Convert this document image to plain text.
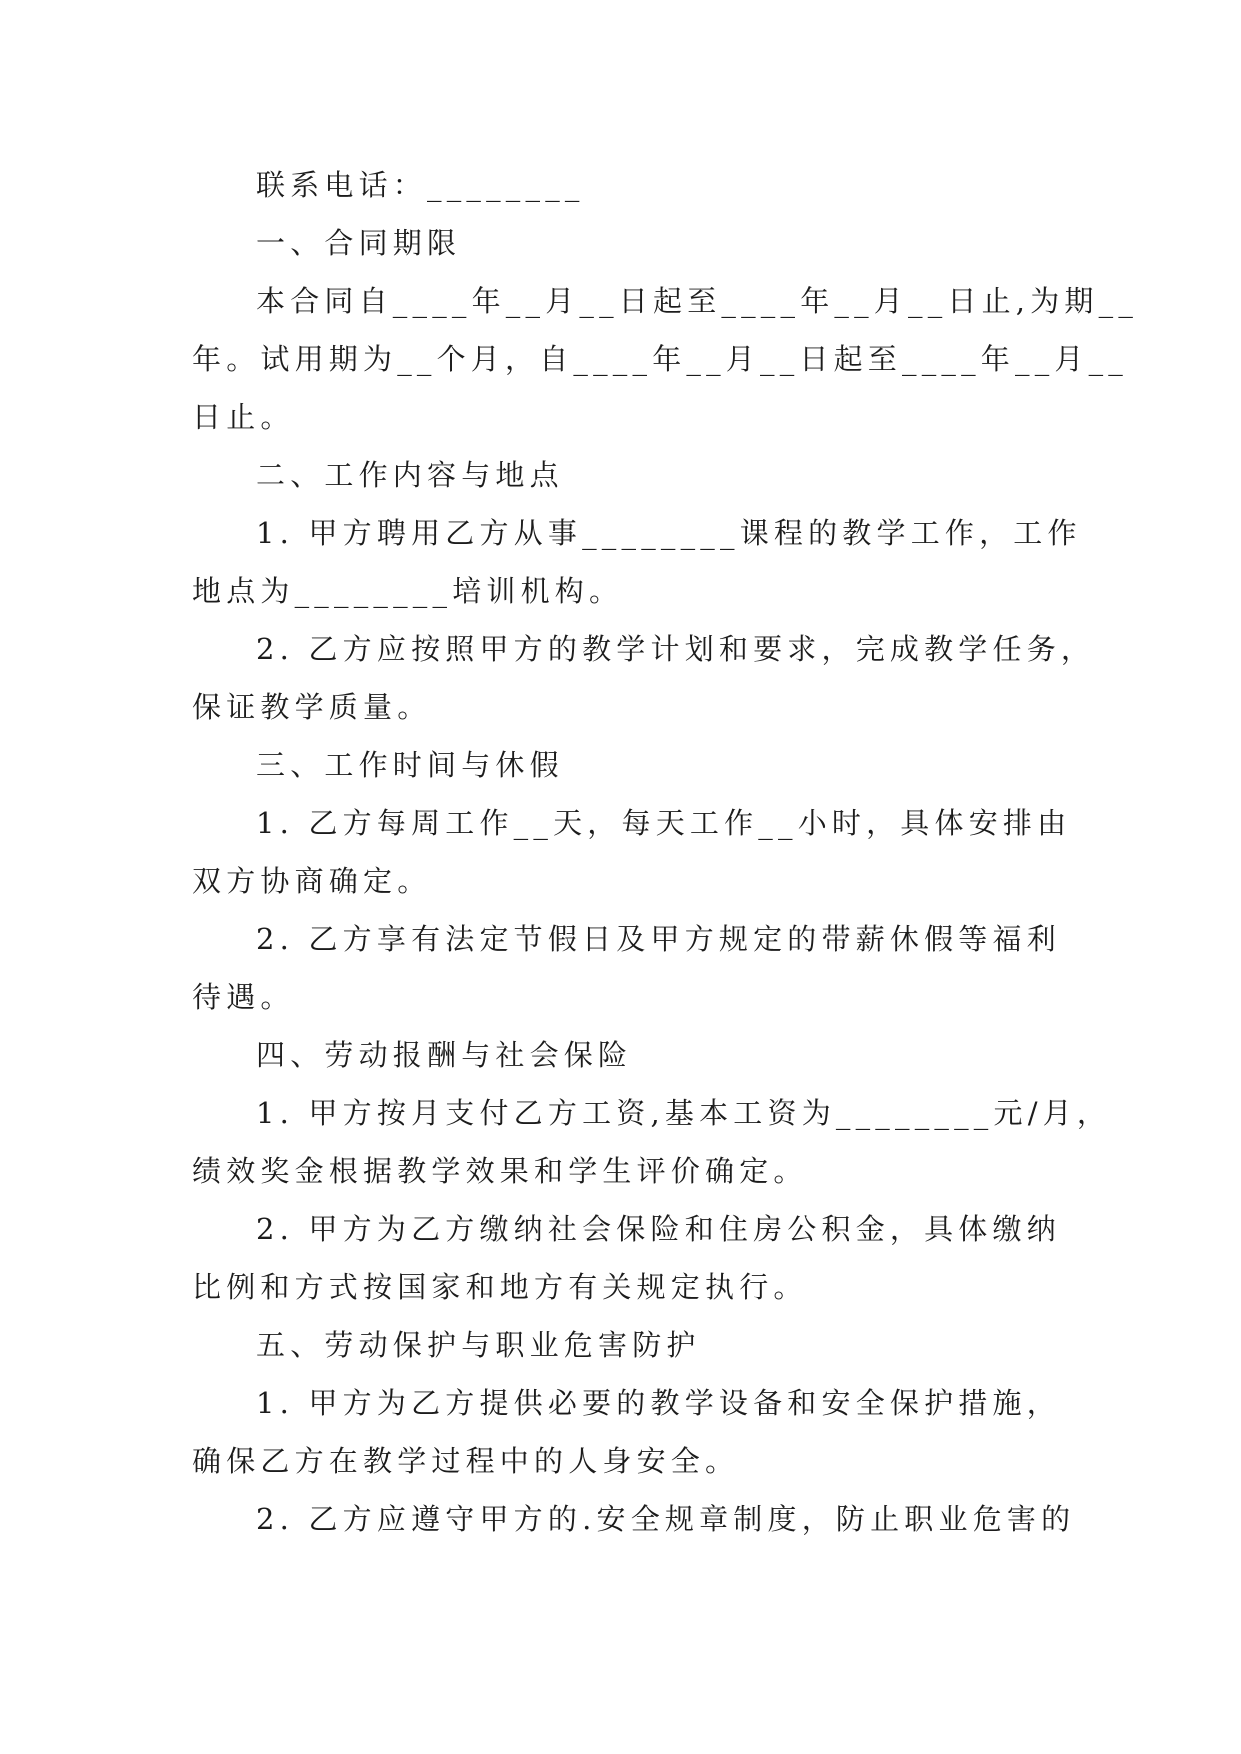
联系电话：________
一、合同期限
本合同自____年__月__日起至____年__月__日止,为期__
年。试用期为__个月，自____年__月__日起至____年__月__
日止。
二、工作内容与地点
1. 甲方聘用乙方从事________课程的教学工作，工作
地点为________培训机构。
2. 乙方应按照甲方的教学计划和要求，完成教学任务，
保证教学质量。
三、工作时间与休假
1. 乙方每周工作__天，每天工作__小时，具体安排由
双方协商确定。
2. 乙方享有法定节假日及甲方规定的带薪休假等福利
待遇。
四、劳动报酬与社会保险
1. 甲方按月支付乙方工资,基本工资为________元/月，
绩效奖金根据教学效果和学生评价确定。
2. 甲方为乙方缴纳社会保险和住房公积金，具体缴纳
比例和方式按国家和地方有关规定执行。
五、劳动保护与职业危害防护
1. 甲方为乙方提供必要的教学设备和安全保护措施，
确保乙方在教学过程中的人身安全。
2. 乙方应遵守甲方的.安全规章制度，防止职业危害的
